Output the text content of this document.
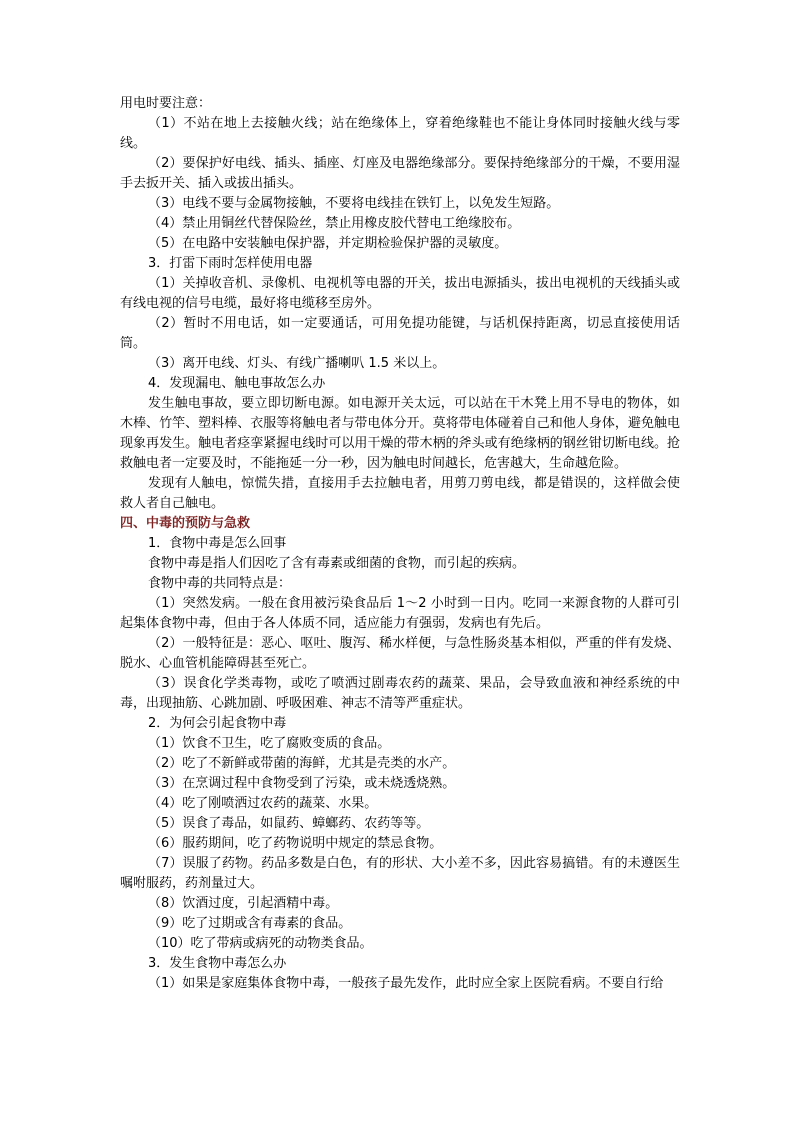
用电时要注意：

（1）不站在地上去接触火线；站在绝缘体上，穿着绝缘鞋也不能让身体同时接触火线与零线。

（2）要保护好电线、插头、插座、灯座及电器绝缘部分。要保持绝缘部分的干燥，不要用湿手去扳开关、插入或拔出插头。

（3）电线不要与金属物接触，不要将电线挂在铁钉上，以免发生短路。

（4）禁止用铜丝代替保险丝，禁止用橡皮胶代替电工绝缘胶布。

（5）在电路中安装触电保护器，并定期检验保护器的灵敏度。

3．打雷下雨时怎样使用电器

（1）关掉收音机、录像机、电视机等电器的开关，拔出电源插头，拔出电视机的天线插头或有线电视的信号电缆，最好将电缆移至房外。

（2）暂时不用电话，如一定要通话，可用免提功能键，与话机保持距离，切忌直接使用话筒。

（3）离开电线、灯头、有线广播喇叭 1.5 米以上。

4．发现漏电、触电事故怎么办

发生触电事故，要立即切断电源。如电源开关太远，可以站在干木凳上用不导电的物体，如木棒、竹竿、塑料棒、衣服等将触电者与带电体分开。莫将带电体碰着自己和他人身体，避免触电现象再发生。触电者痉挛紧握电线时可以用干燥的带木柄的斧头或有绝缘柄的钢丝钳切断电线。抢救触电者一定要及时，不能拖延一分一秒，因为触电时间越长，危害越大，生命越危险。

发现有人触电，惊慌失措，直接用手去拉触电者，用剪刀剪电线，都是错误的，这样做会使救人者自己触电。

四、中毒的预防与急救

1．食物中毒是怎么回事

食物中毒是指人们因吃了含有毒素或细菌的食物，而引起的疾病。

食物中毒的共同特点是：

（1）突然发病。一般在食用被污染食品后 1～2 小时到一日内。吃同一来源食物的人群可引起集体食物中毒，但由于各人体质不同，适应能力有强弱，发病也有先后。

（2）一般特征是：恶心、呕吐、腹泻、稀水样便，与急性肠炎基本相似，严重的伴有发烧、脱水、心血管机能障碍甚至死亡。

（3）误食化学类毒物，或吃了喷洒过剧毒农药的蔬菜、果品，会导致血液和神经系统的中毒，出现抽筋、心跳加剧、呼吸困难、神志不清等严重症状。

2．为何会引起食物中毒

（1）饮食不卫生，吃了腐败变质的食品。

（2）吃了不新鲜或带菌的海鲜，尤其是壳类的水产。

（3）在烹调过程中食物受到了污染，或未烧透烧熟。

（4）吃了刚喷洒过农药的蔬菜、水果。

（5）误食了毒品，如鼠药、蟑螂药、农药等等。

（6）服药期间，吃了药物说明中规定的禁忌食物。

（7）误服了药物。药品多数是白色，有的形状、大小差不多，因此容易搞错。有的未遵医生嘱咐服药，药剂量过大。

（8）饮酒过度，引起酒精中毒。

（9）吃了过期或含有毒素的食品。

（10）吃了带病或病死的动物类食品。

3．发生食物中毒怎么办

（1）如果是家庭集体食物中毒，一般孩子最先发作，此时应全家上医院看病。不要自行给
